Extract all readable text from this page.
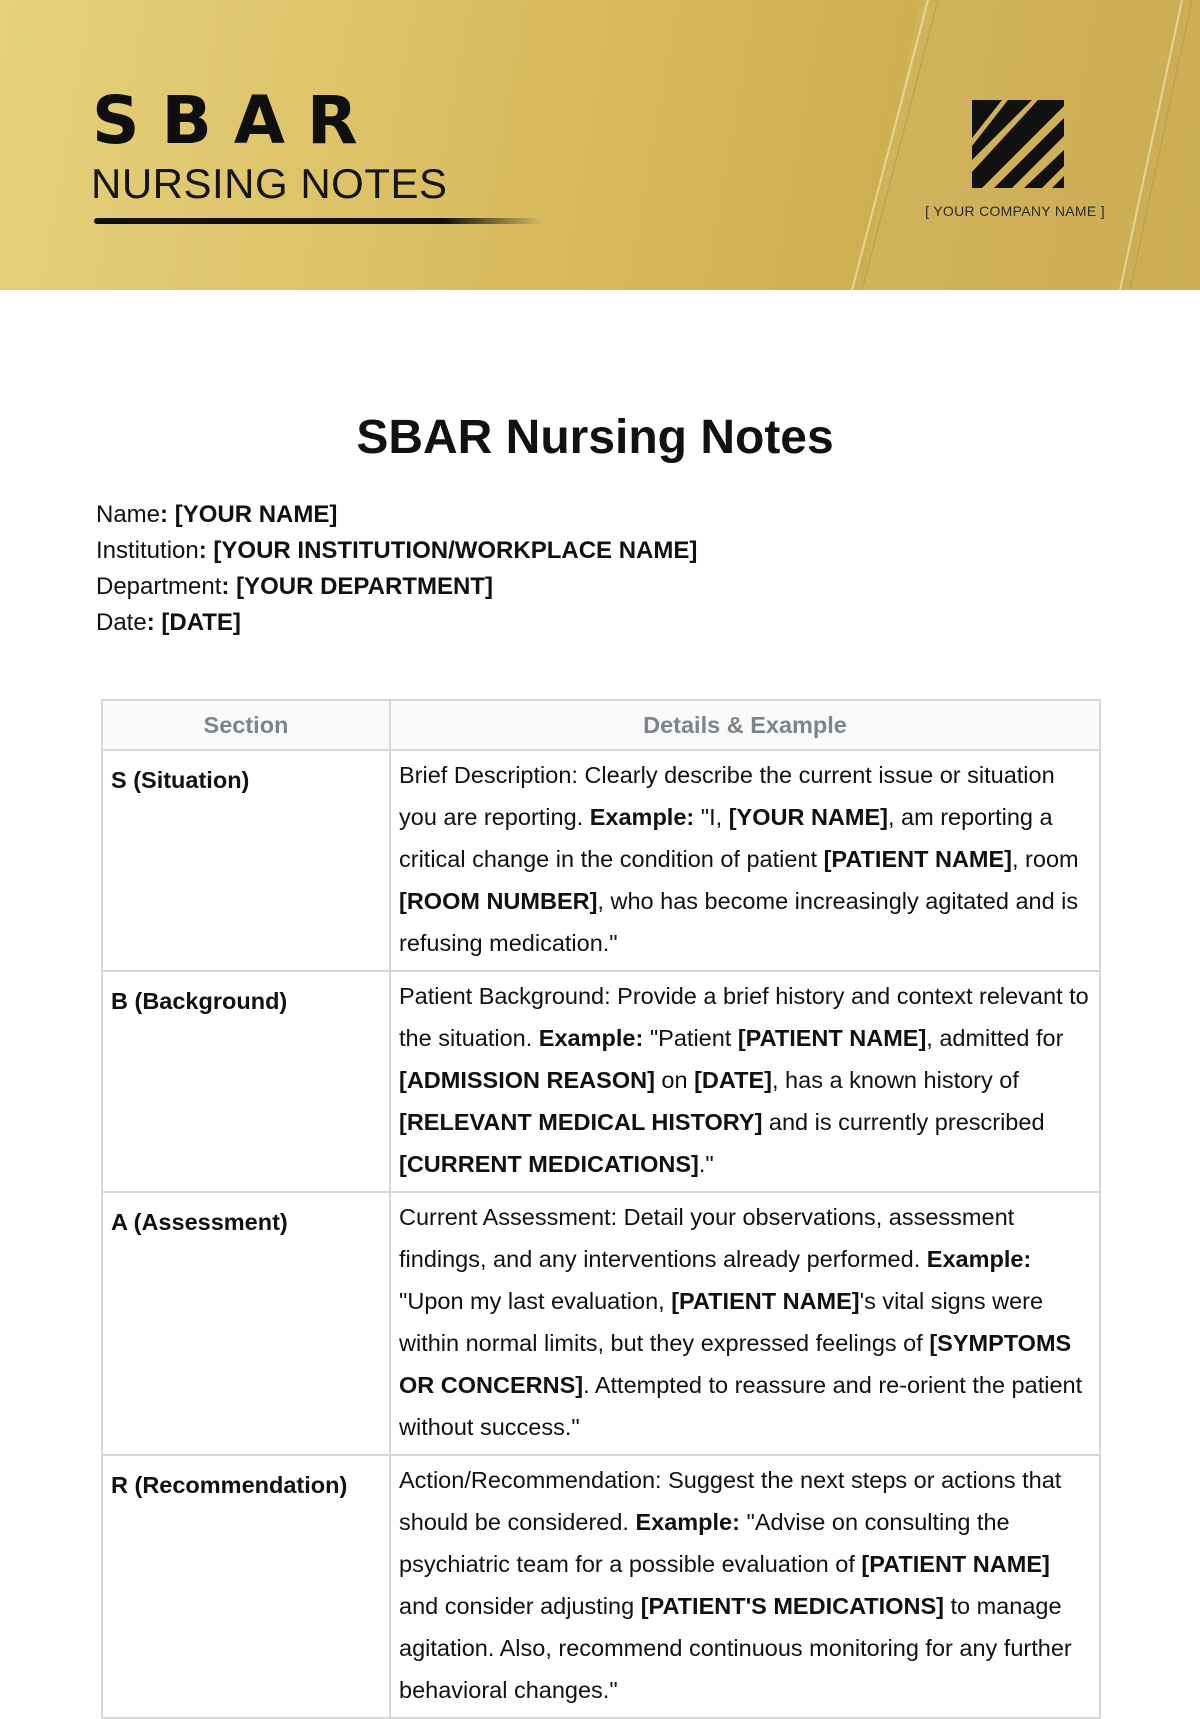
SBAR
NURSING NOTES
[ YOUR COMPANY NAME ]
SBAR Nursing Notes
Name: [YOUR NAME]
Institution: [YOUR INSTITUTION/WORKPLACE NAME]
Department: [YOUR DEPARTMENT]
Date: [DATE]
Section	Details & Example
S (Situation)	Brief Description: Clearly describe the current issue or situation you are reporting. Example: "I, [YOUR NAME], am reporting a critical change in the condition of patient [PATIENT NAME], room [ROOM NUMBER], who has become increasingly agitated and is refusing medication."
B (Background)	Patient Background: Provide a brief history and context relevant to the situation. Example: "Patient [PATIENT NAME], admitted for [ADMISSION REASON] on [DATE], has a known history of [RELEVANT MEDICAL HISTORY] and is currently prescribed [CURRENT MEDICATIONS]."
A (Assessment)	Current Assessment: Detail your observations, assessment findings, and any interventions already performed. Example: "Upon my last evaluation, [PATIENT NAME]'s vital signs were within normal limits, but they expressed feelings of [SYMPTOMS OR CONCERNS]. Attempted to reassure and re-orient the patient without success."
R (Recommendation)	Action/Recommendation: Suggest the next steps or actions that should be considered. Example: "Advise on consulting the psychiatric team for a possible evaluation of [PATIENT NAME] and consider adjusting [PATIENT'S MEDICATIONS] to manage agitation. Also, recommend continuous monitoring for any further behavioral changes."
